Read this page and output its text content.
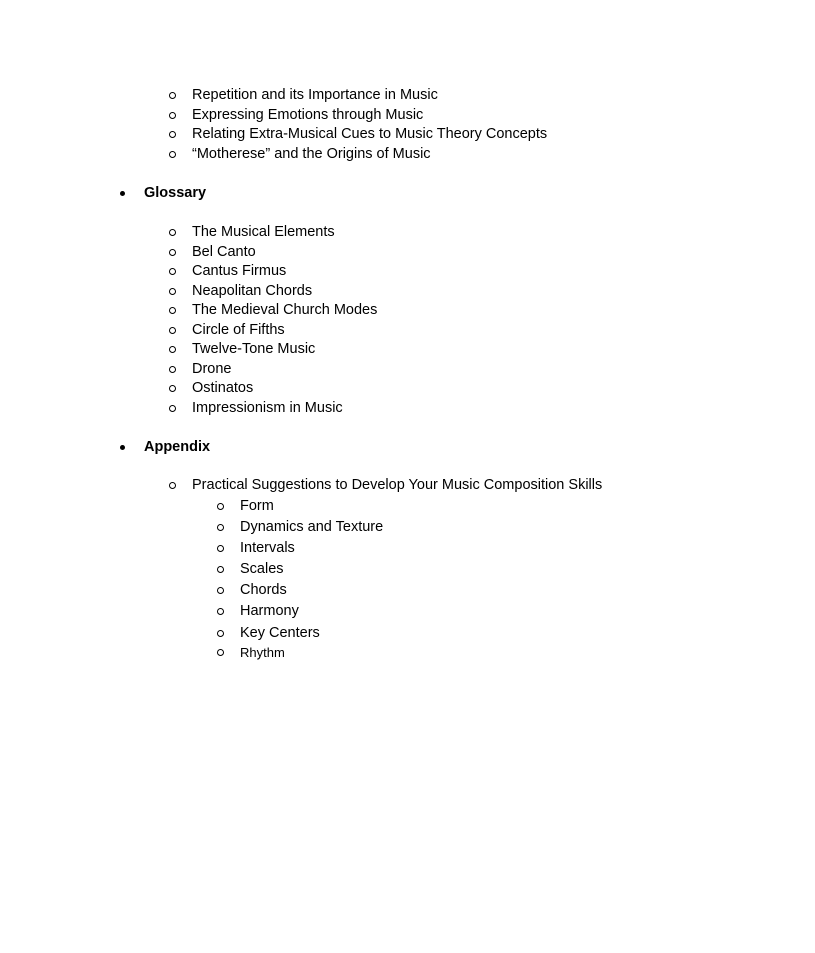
Repetition and its Importance in Music
Expressing Emotions through Music
Relating Extra-Musical Cues to Music Theory Concepts
“Motherese” and the Origins of Music
Glossary
The Musical Elements
Bel Canto
Cantus Firmus
Neapolitan Chords
The Medieval Church Modes
Circle of Fifths
Twelve-Tone Music
Drone
Ostinatos
Impressionism in Music
Appendix
Practical Suggestions to Develop Your Music Composition Skills
Form
Dynamics and Texture
Intervals
Scales
Chords
Harmony
Key Centers
Rhythm
